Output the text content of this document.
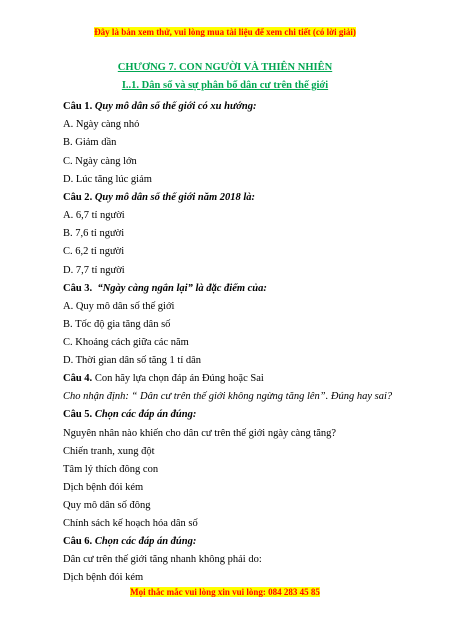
Đây là bản xem thử, vui lòng mua tài liệu để xem chi tiết (có lời giải)
CHƯƠNG 7. CON NGƯỜI VÀ THIÊN NHIÊN
I..1. Dân số và sự phân bố dân cư trên thế giới
Câu 1. Quy mô dân số thế giới có xu hướng:
A. Ngày càng nhỏ
B. Giảm dần
C. Ngày càng lớn
D. Lúc tăng lúc giảm
Câu 2. Quy mô dân số thế giới năm 2018 là:
A. 6,7 tỉ người
B. 7,6 tỉ người
C. 6,2 tỉ người
D. 7,7 tỉ người
Câu 3. “Ngày càng ngắn lại” là đặc điểm của:
A. Quy mô dân số thế giới
B. Tốc độ gia tăng dân số
C. Khoảng cách giữa các năm
D. Thời gian dân số tăng 1 tỉ dân
Câu 4. Con hãy lựa chọn đáp án Đúng hoặc Sai
Cho nhận định: “ Dân cư trên thế giới không ngừng tăng lên”. Đúng hay sai?
Câu 5. Chọn các đáp án đúng:
Nguyên nhân nào khiến cho dân cư trên thế giới ngày càng tăng?
Chiến tranh, xung đột
Tâm lý thích đông con
Dịch bệnh đói kém
Quy mô dân số đông
Chính sách kế hoạch hóa dân số
Câu 6. Chọn các đáp án đúng:
Dân cư trên thế giới tăng nhanh không phải do:
Dịch bệnh đói kém
Mọi thắc mắc vui lòng xin vui lòng: 084 283 45 85
